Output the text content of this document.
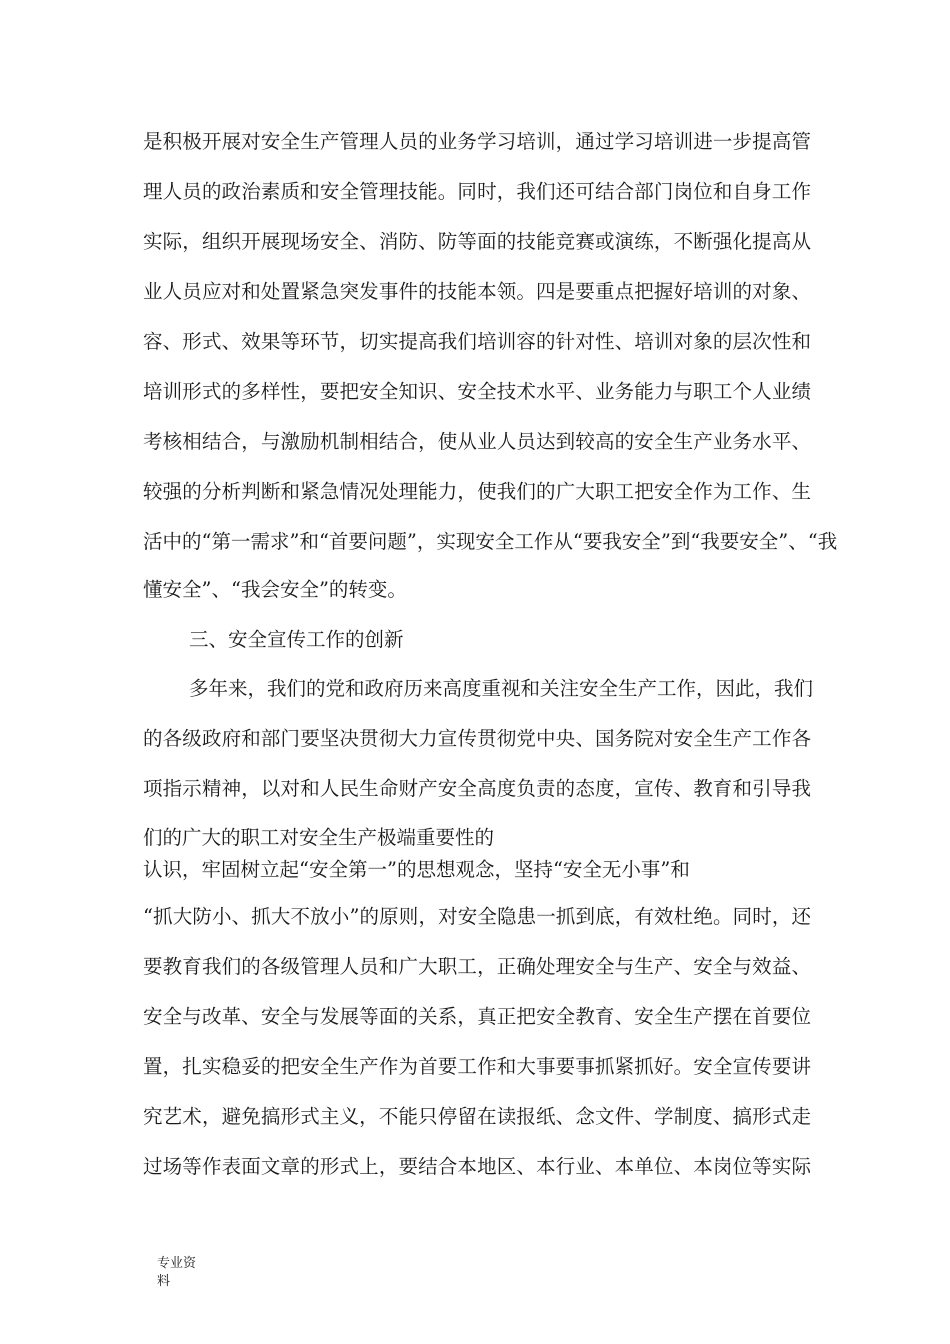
是积极开展对安全生产管理人员的业务学习培训，通过学习培训进一步提高管
理人员的政治素质和安全管理技能。同时，我们还可结合部门岗位和自身工作
实际，组织开展现场安全、消防、防等面的技能竞赛或演练，不断强化提高从
业人员应对和处置紧急突发事件的技能本领。四是要重点把握好培训的对象、
容、形式、效果等环节，切实提高我们培训容的针对性、培训对象的层次性和
培训形式的多样性，要把安全知识、安全技术水平、业务能力与职工个人业绩
考核相结合，与激励机制相结合，使从业人员达到较高的安全生产业务水平、
较强的分析判断和紧急情况处理能力，使我们的广大职工把安全作为工作、生
活中的“第一需求”和“首要问题”，实现安全工作从“要我安全”到“我要安全”、“我
懂安全”、“我会安全”的转变。
三、安全宣传工作的创新
多年来，我们的党和政府历来高度重视和关注安全生产工作，因此，我们
的各级政府和部门要坚决贯彻大力宣传贯彻党中央、国务院对安全生产工作各
项指示精神，以对和人民生命财产安全高度负责的态度，宣传、教育和引导我
们的广大的职工对安全生产极端重要性的
认识，牢固树立起“安全第一”的思想观念，坚持“安全无小事”和
“抓大防小、抓大不放小”的原则，对安全隐患一抓到底，有效杜绝。同时，还
要教育我们的各级管理人员和广大职工，正确处理安全与生产、安全与效益、
安全与改革、安全与发展等面的关系，真正把安全教育、安全生产摆在首要位
置，扎实稳妥的把安全生产作为首要工作和大事要事抓紧抓好。安全宣传要讲
究艺术，避免搞形式主义，不能只停留在读报纸、念文件、学制度、搞形式走
过场等作表面文章的形式上，要结合本地区、本行业、本单位、本岗位等实际
专业资
料
